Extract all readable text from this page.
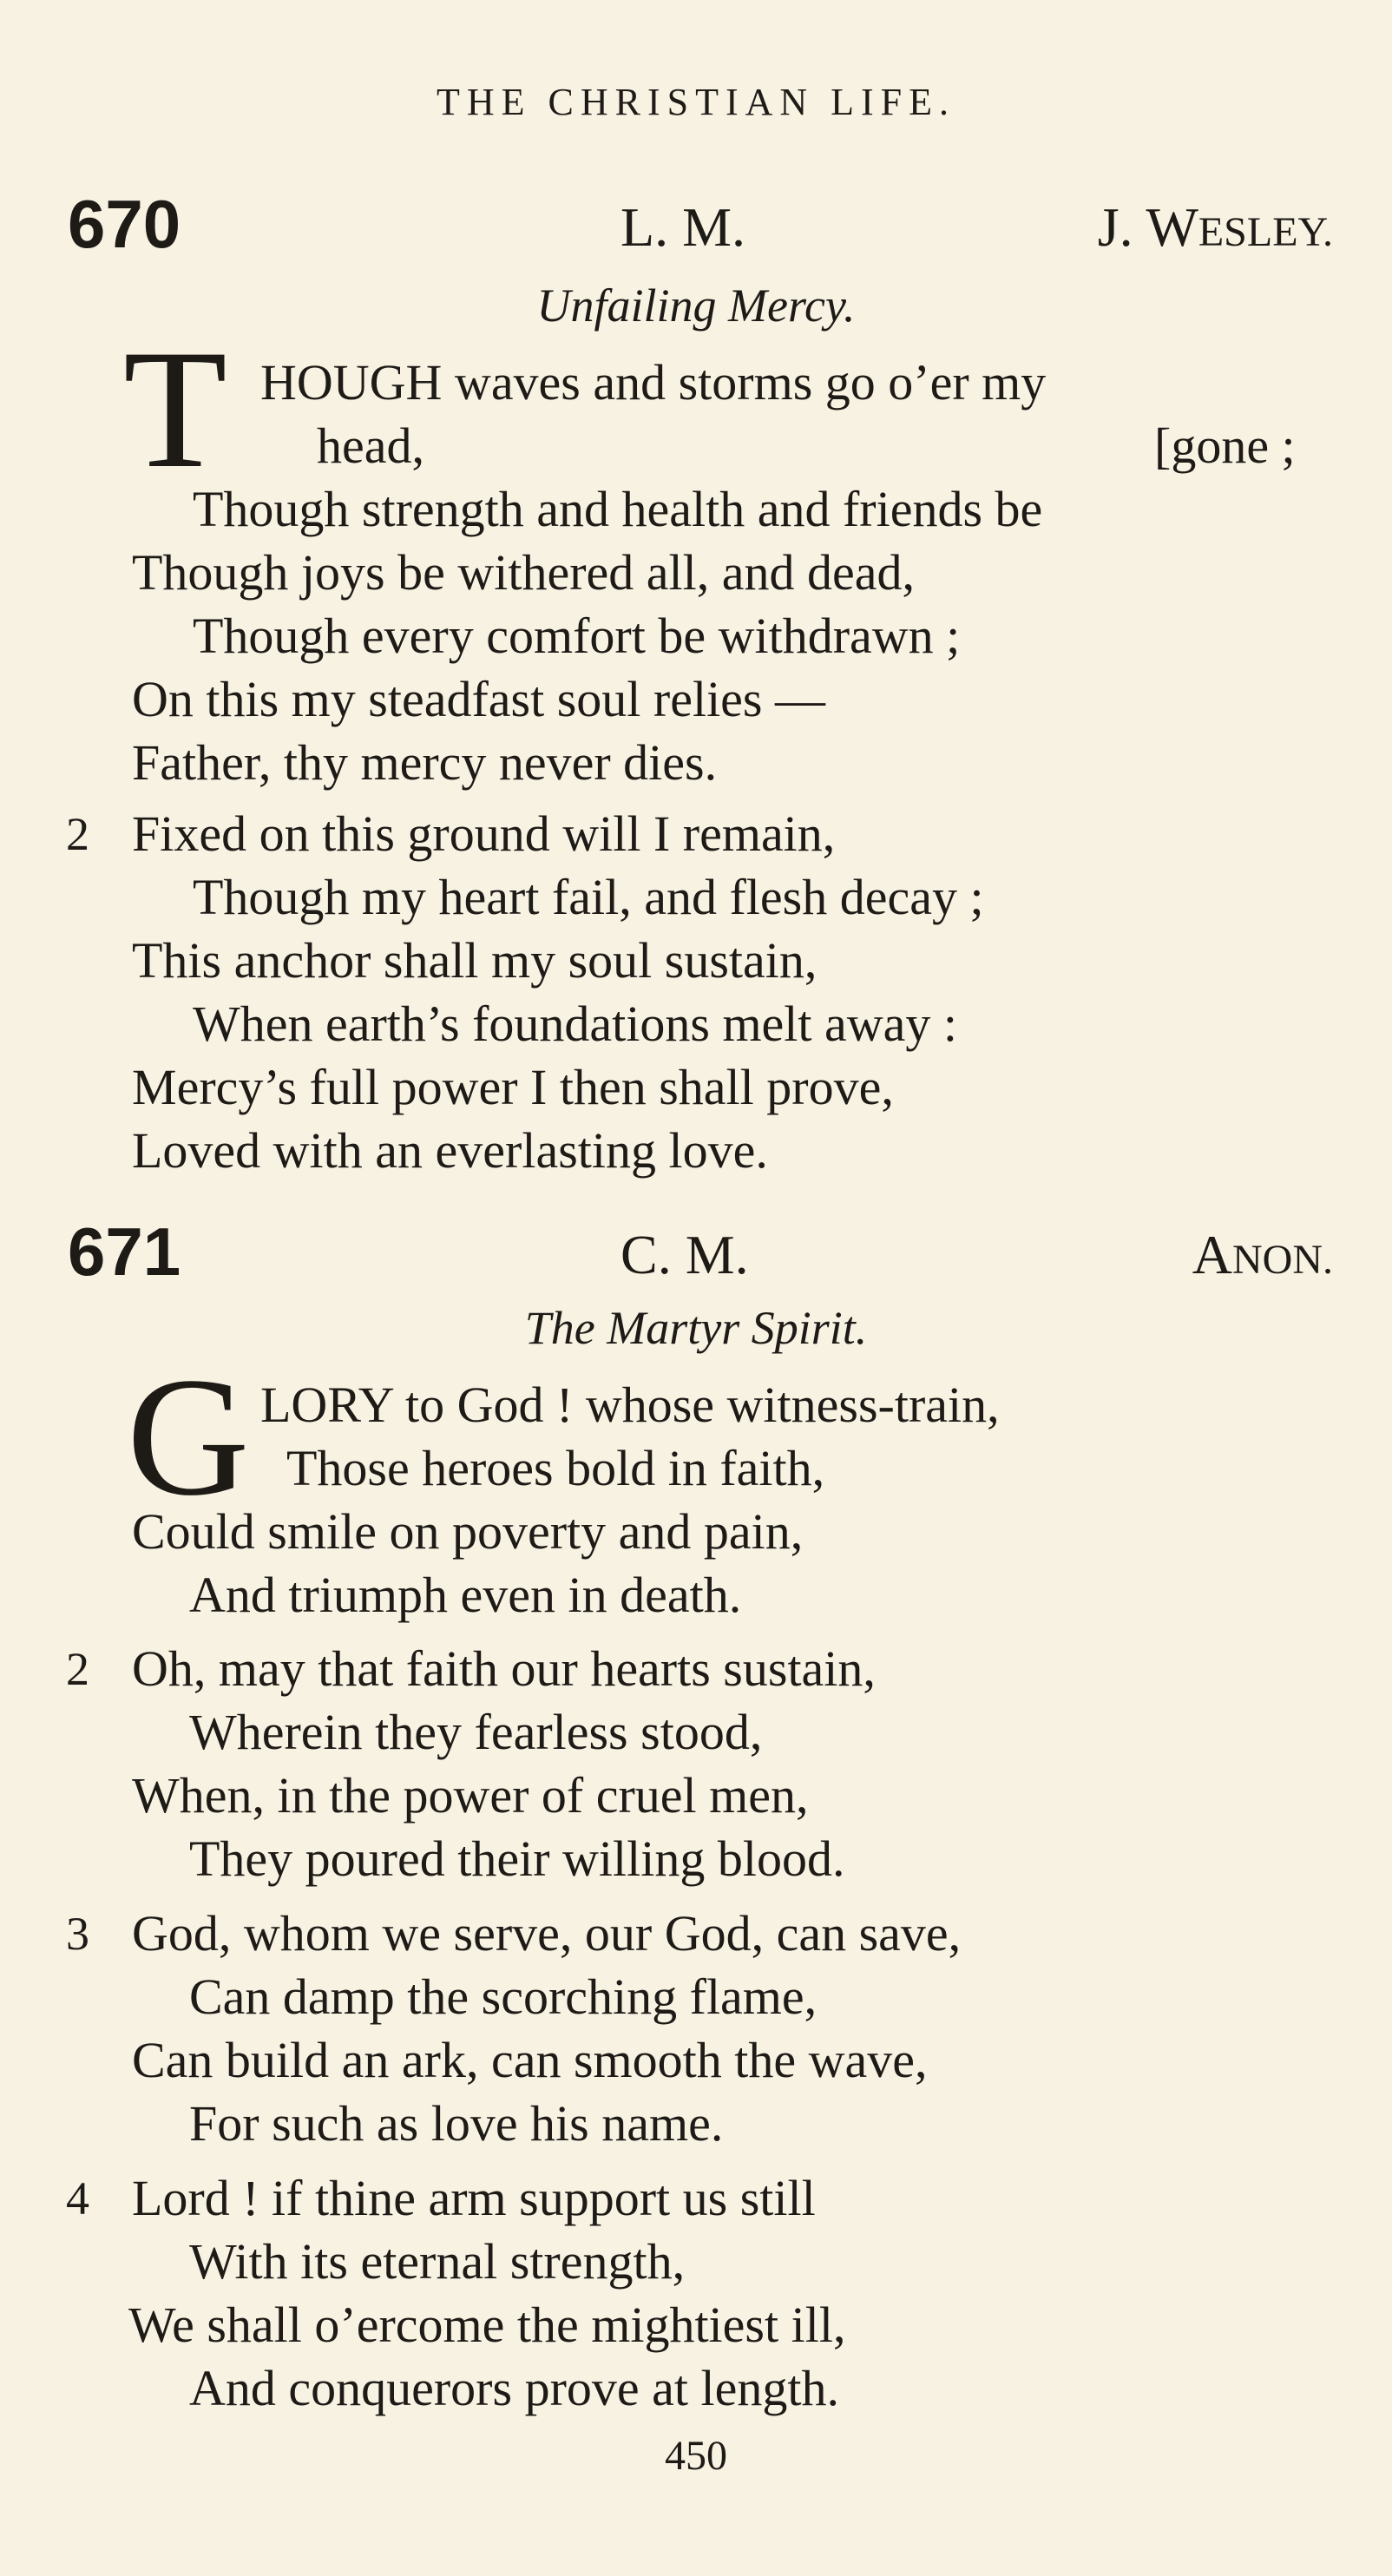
THE CHRISTIAN LIFE.
670	L. M.	J. WESLEY.
Unfailing Mercy.
T HOUGH waves and storms go o’er my
head,	[gone ;
Though strength and health and friends be
Though joys be withered all, and dead,
Though every comfort be withdrawn ;
On this my steadfast soul relies —
Father, thy mercy never dies.
2 Fixed on this ground will I remain,
Though my heart fail, and flesh decay ;
This anchor shall my soul sustain,
When earth’s foundations melt away :
Mercy’s full power I then shall prove,
Loved with an everlasting love.
671	C. M.	ANON.
The Martyr Spirit.
G LORY to God ! whose witness-train,
Those heroes bold in faith,
Could smile on poverty and pain,
And triumph even in death.
2 Oh, may that faith our hearts sustain,
Wherein they fearless stood,
When, in the power of cruel men,
They poured their willing blood.
3 God, whom we serve, our God, can save,
Can damp the scorching flame,
Can build an ark, can smooth the wave,
For such as love his name.
4 Lord ! if thine arm support us still
With its eternal strength,
We shall o’ercome the mightiest ill,
And conquerors prove at length.
450
